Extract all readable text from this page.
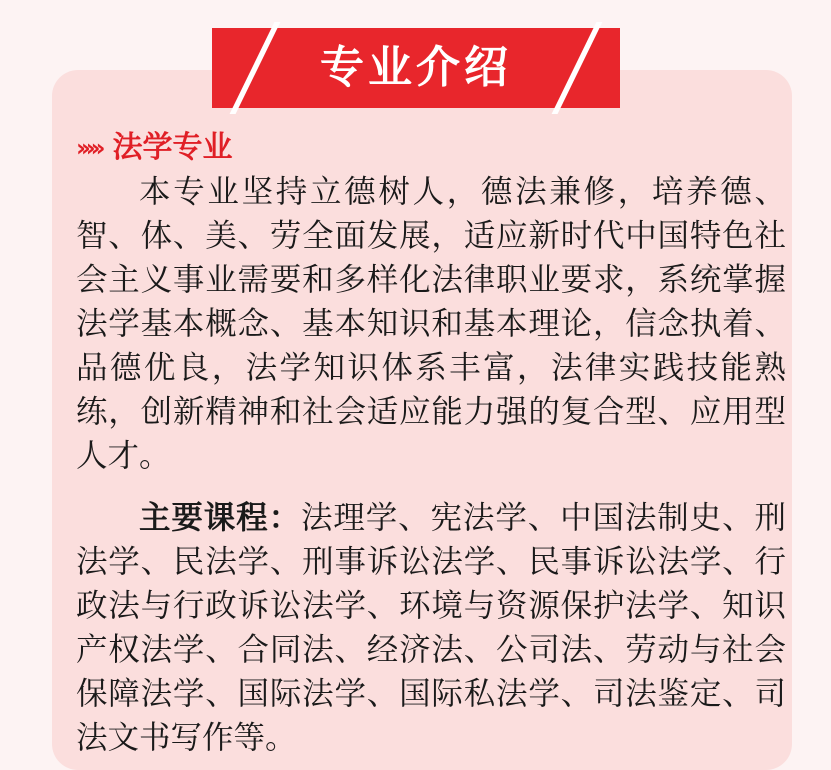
专业介绍
››››› 法学专业

本专业坚持立德树人，德法兼修，培养德、智、体、美、劳全面发展，适应新时代中国特色社会主义事业需要和多样化法律职业要求，系统掌握法学基本概念、基本知识和基本理论，信念执着、品德优良，法学知识体系丰富，法律实践技能熟练，创新精神和社会适应能力强的复合型、应用型人才。

主要课程：法理学、宪法学、中国法制史、刑法学、民法学、刑事诉讼法学、民事诉讼法学、行政法与行政诉讼法学、环境与资源保护法学、知识产权法学、合同法、经济法、公司法、劳动与社会保障法学、国际法学、国际私法学、司法鉴定、司法文书写作等。
